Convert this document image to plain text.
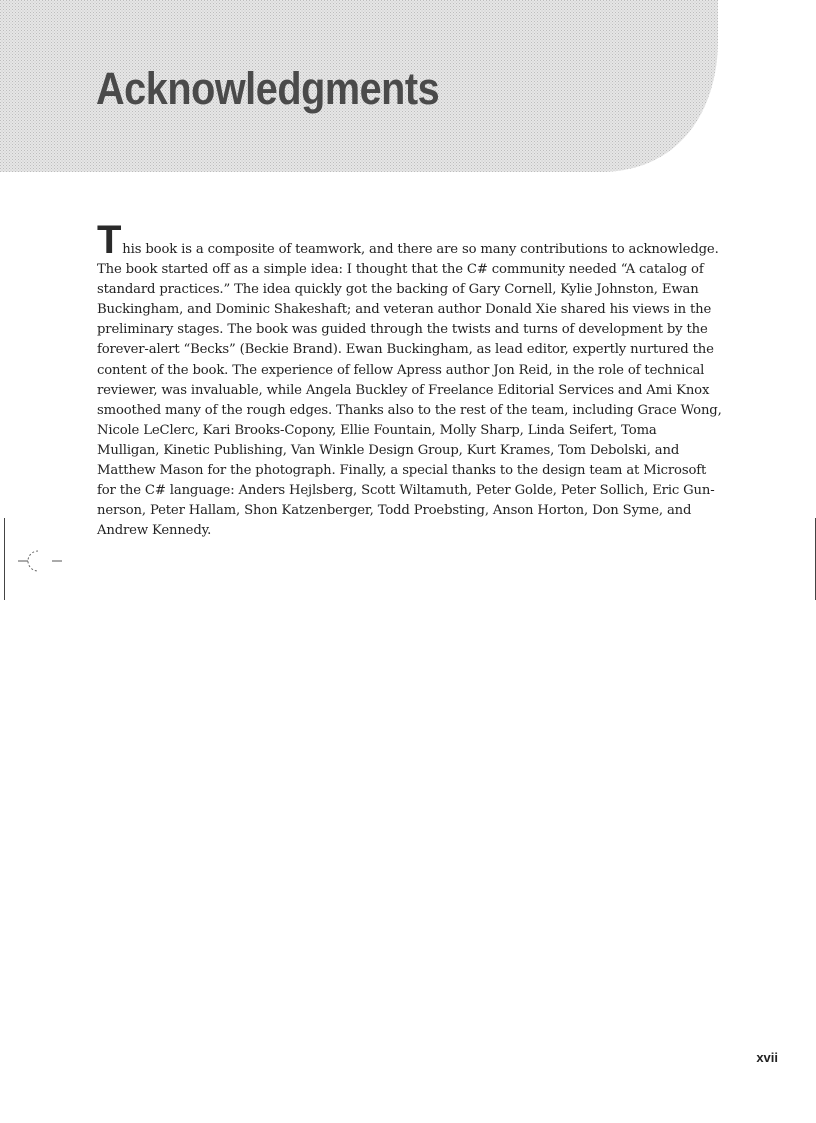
Acknowledgments

This book is a composite of teamwork, and there are so many contributions to acknowledge. The book started off as a simple idea: I thought that the C# community needed “A catalog of standard practices.” The idea quickly got the backing of Gary Cornell, Kylie Johnston, Ewan Buckingham, and Dominic Shakeshaft; and veteran author Donald Xie shared his views in the preliminary stages. The book was guided through the twists and turns of development by the forever-alert “Becks” (Beckie Brand). Ewan Buckingham, as lead editor, expertly nurtured the content of the book. The experience of fellow Apress author Jon Reid, in the role of technical reviewer, was invaluable, while Angela Buckley of Freelance Editorial Services and Ami Knox smoothed many of the rough edges. Thanks also to the rest of the team, including Grace Wong, Nicole LeClerc, Kari Brooks-Copony, Ellie Fountain, Molly Sharp, Linda Seifert, Toma Mulligan, Kinetic Publishing, Van Winkle Design Group, Kurt Krames, Tom Debolski, and Matthew Mason for the photograph. Finally, a special thanks to the design team at Microsoft for the C# language: Anders Hejlsberg, Scott Wiltamuth, Peter Golde, Peter Sollich, Eric Gun-nerson, Peter Hallam, Shon Katzenberger, Todd Proebsting, Anson Horton, Don Syme, and Andrew Kennedy.

xvii
